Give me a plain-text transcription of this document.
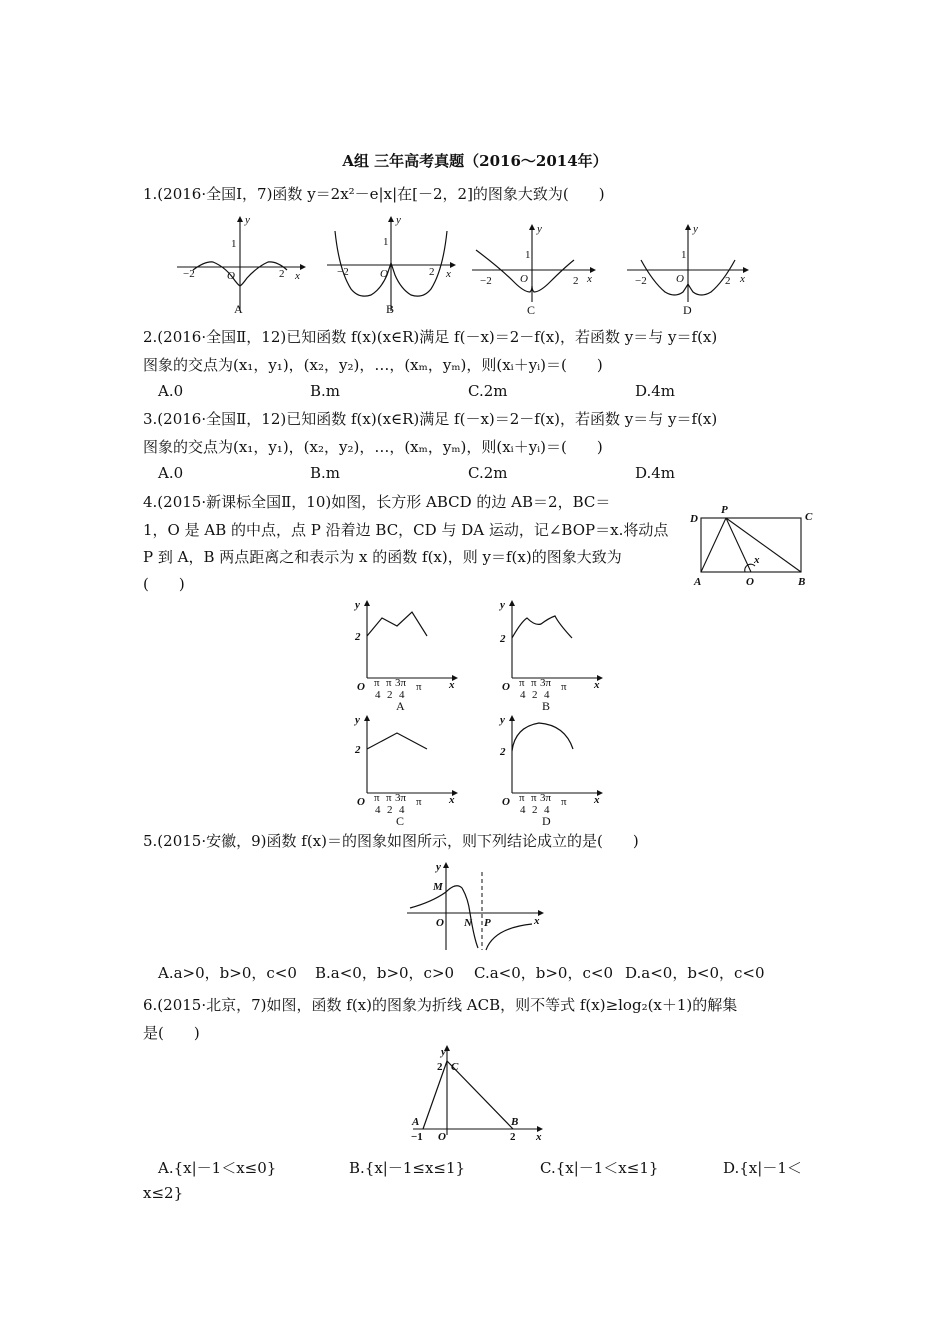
A组 三年高考真题（2016～2014年）
1.(2016·全国Ⅰ，7)函数 y＝2x²－e|x|在[－2，2]的图象大致为(　　)
y
x
O
1
−2	2
A
y
x
O
1
−2	2
B
y
x
O
1
−2	2
C
y
x
O
1
−2	2
D
2.(2016·全国Ⅱ，12)已知函数 f(x)(x∈R)满足 f(－x)＝2－f(x)，若函数 y＝与 y＝f(x)
图象的交点为(x₁，y₁)，(x₂，y₂)，…，(xₘ，yₘ)，则(xᵢ＋yᵢ)＝(　　)
A.0	B.m	C.2m	D.4m
3.(2016·全国Ⅱ，12)已知函数 f(x)(x∈R)满足 f(－x)＝2－f(x)，若函数 y＝与 y＝f(x)
图象的交点为(x₁，y₁)，(x₂，y₂)，…，(xₘ，yₘ)，则(xᵢ＋yᵢ)＝(　　)
A.0	B.m	C.2m	D.4m
4.(2015·新课标全国Ⅱ，10)如图，长方形 ABCD 的边 AB＝2，BC＝
1，O 是 AB 的中点，点 P 沿着边 BC，CD 与 DA 运动，记∠BOP＝x.将动点
P 到 A，B 两点距离之和表示为 x 的函数 f(x)，则 y＝f(x)的图象大致为
(　　)
D
P
C
A	O	B
x
y
2
O	x
π
4
π
2
3π
4
π
A
y
2
O	x
π
4
π
2
3π
4
π
B
y
2
O	x
π
4
π
2
3π
4
π
C
y
2
O	x
π
4
π
2
3π
4
π
D
5.(2015·安徽，9)函数 f(x)＝的图象如图所示，则下列结论成立的是(　　)
y
M
O N P	x
A.a>0，b>0，c<0 B.a<0，b>0，c>0 C.a<0，b>0，c<0 D.a<0，b<0，c<0
6.(2015·北京，7)如图，函数 f(x)的图象为折线 ACB，则不等式 f(x)≥log₂(x＋1)的解集
是(　　)
y
2 C
A	B
−1 O	2 x
A.{x|－1＜x≤0}	B.{x|－1≤x≤1}	C.{x|－1＜x≤1}	D.{x|－1＜
x≤2}
